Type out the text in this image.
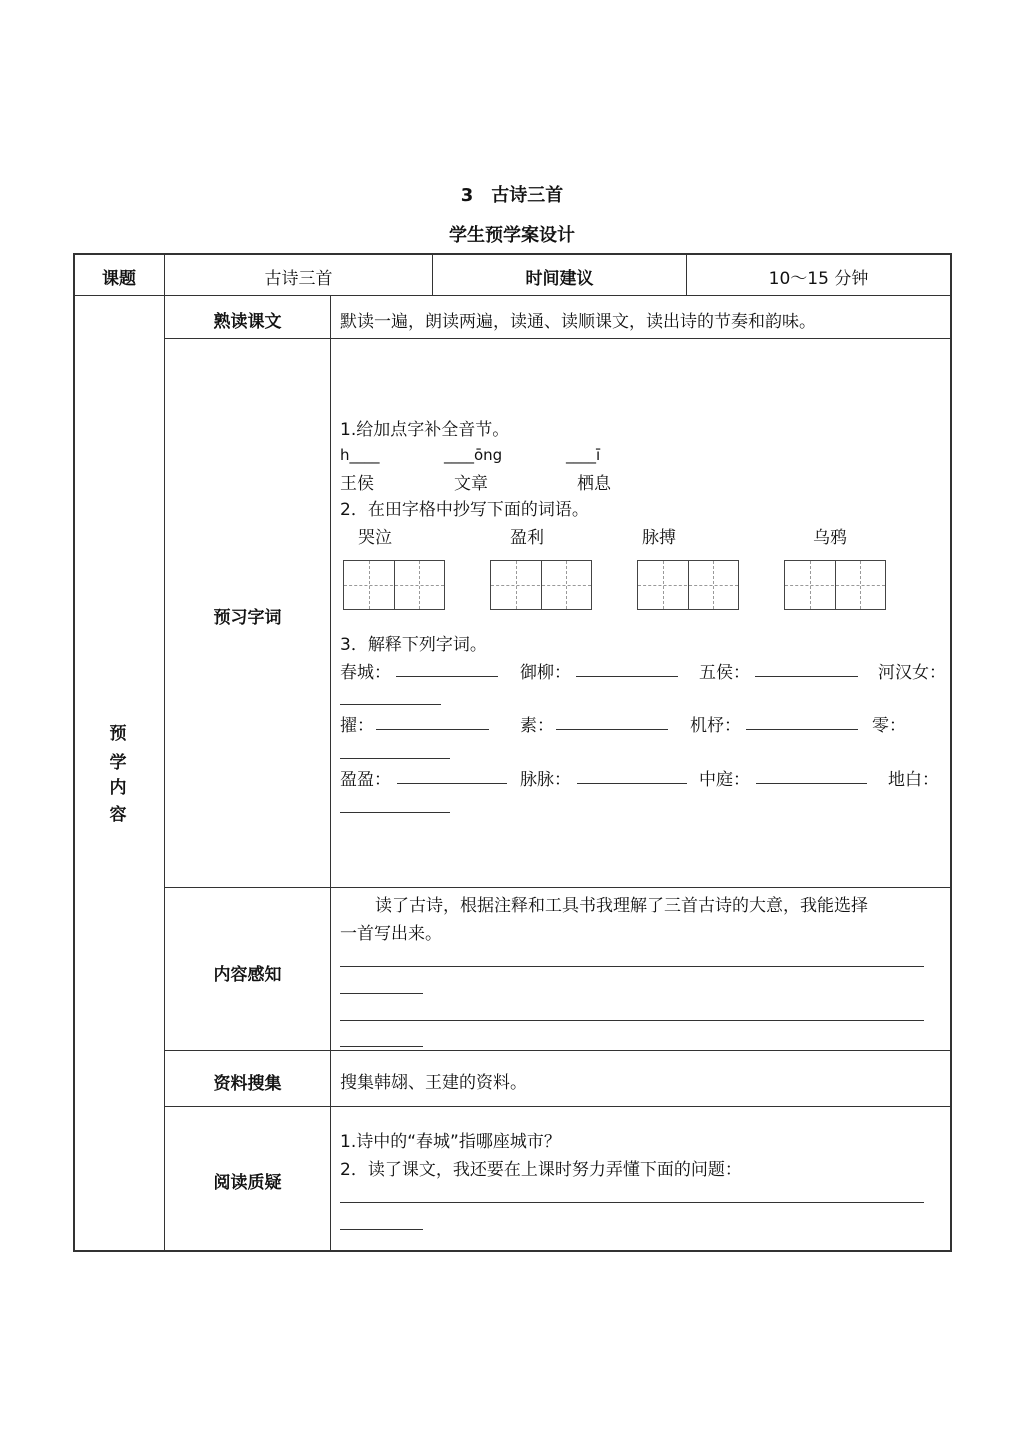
3　古诗三首
学生预学案设计
课题	古诗三首	时间建议	10～15 分钟
预
学
内
容
熟读课文	默读一遍，朗读两遍，读通、读顺课文，读出诗的节奏和韵味。
预习字词
1.给加点字补全音节。
h____	____ōng	____ī
王侯	文章	栖息
2．在田字格中抄写下面的词语。
哭泣	盈利	脉搏	乌鸦
3．解释下列字词。
春城：	御柳：	五侯：	河汉女：
擢：	素：	机杼：	零：
盈盈：	脉脉：	中庭：	地白：
内容感知
读了古诗，根据注释和工具书我理解了三首古诗的大意，我能选择
一首写出来。
资料搜集	搜集韩翃、王建的资料。
阅读质疑
1.诗中的“春城”指哪座城市？
2．读了课文，我还要在上课时努力弄懂下面的问题：
